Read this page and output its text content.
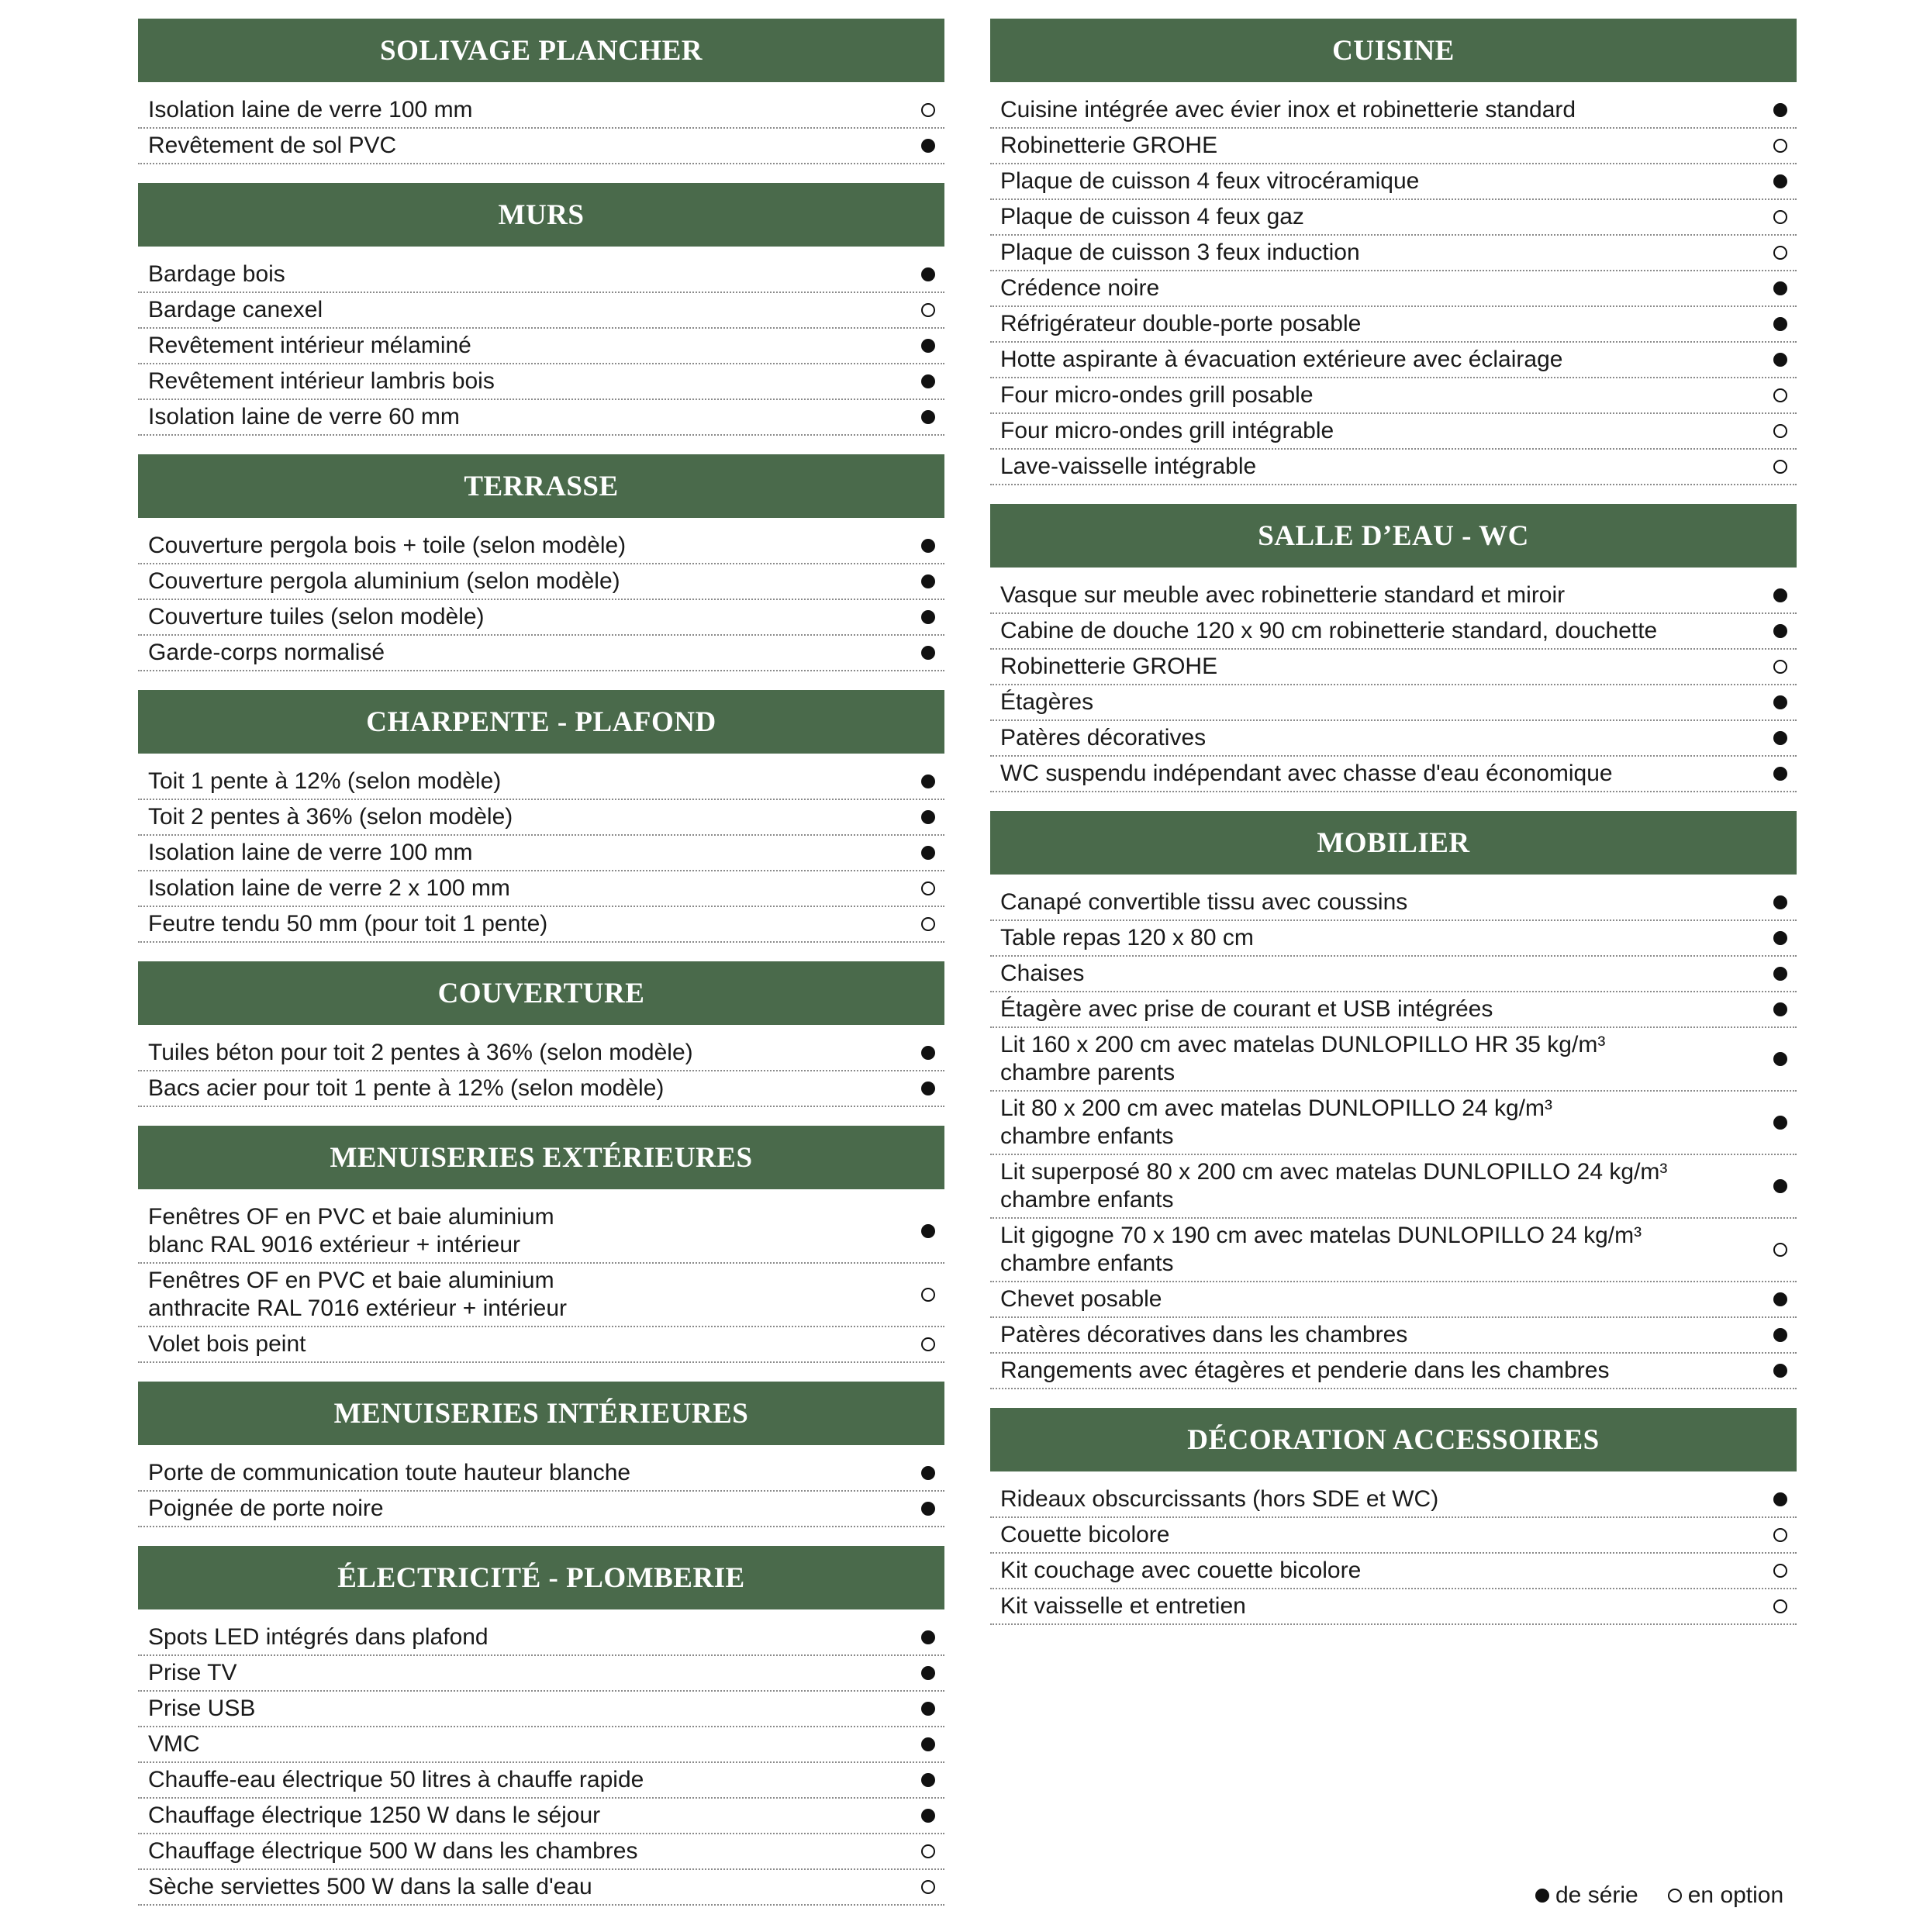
SOLIVAGE PLANCHER
Isolation laine de verre 100 mm
Revêtement de sol PVC
MURS
Bardage bois
Bardage canexel
Revêtement intérieur mélaminé
Revêtement intérieur lambris bois
Isolation laine de verre 60 mm
TERRASSE
Couverture pergola bois + toile (selon modèle)
Couverture pergola aluminium (selon modèle)
Couverture tuiles (selon modèle)
Garde-corps normalisé
CHARPENTE - PLAFOND
Toit 1 pente à 12% (selon modèle)
Toit 2 pentes à 36% (selon modèle)
Isolation laine de verre 100 mm
Isolation laine de verre 2 x 100 mm
Feutre tendu 50 mm (pour toit 1 pente)
COUVERTURE
Tuiles béton pour toit 2 pentes à 36% (selon modèle)
Bacs acier pour toit 1 pente à 12% (selon modèle)
MENUISERIES EXTÉRIEURES
Fenêtres OF en PVC et baie aluminium
blanc RAL 9016 extérieur + intérieur
Fenêtres OF en PVC et baie aluminium
anthracite RAL 7016 extérieur + intérieur
Volet bois peint
MENUISERIES INTÉRIEURES
Porte de communication toute hauteur blanche
Poignée de porte noire
ÉLECTRICITÉ - PLOMBERIE
Spots LED intégrés dans plafond
Prise TV
Prise USB
VMC
Chauffe-eau électrique 50 litres à chauffe rapide
Chauffage électrique 1250 W dans le séjour
Chauffage électrique 500 W dans les chambres
Sèche serviettes 500 W dans la salle d'eau
CUISINE
Cuisine intégrée avec évier inox et robinetterie standard
Robinetterie GROHE
Plaque de cuisson 4 feux vitrocéramique
Plaque de cuisson 4 feux gaz
Plaque de cuisson 3 feux induction
Crédence noire
Réfrigérateur double-porte posable
Hotte aspirante à évacuation extérieure avec éclairage
Four micro-ondes grill posable
Four micro-ondes grill intégrable
Lave-vaisselle intégrable
SALLE D’EAU - WC
Vasque sur meuble avec robinetterie standard et miroir
Cabine de douche 120 x 90 cm robinetterie standard, douchette
Robinetterie GROHE
Étagères
Patères décoratives
WC suspendu indépendant avec chasse d'eau économique
MOBILIER
Canapé convertible tissu avec coussins
Table repas 120 x 80 cm
Chaises
Étagère avec prise de courant et USB intégrées
Lit 160 x 200 cm avec matelas DUNLOPILLO HR 35 kg/m³
chambre parents
Lit 80 x 200 cm avec matelas DUNLOPILLO 24 kg/m³
chambre enfants
Lit superposé 80 x 200 cm avec matelas DUNLOPILLO 24 kg/m³
chambre enfants
Lit gigogne 70 x 190 cm avec matelas DUNLOPILLO 24 kg/m³
chambre enfants
Chevet posable
Patères décoratives dans les chambres
Rangements avec étagères et penderie dans les chambres
DÉCORATION ACCESSOIRES
Rideaux obscurcissants (hors SDE et WC)
Couette bicolore
Kit couchage avec couette bicolore
Kit vaisselle et entretien
de série en option
